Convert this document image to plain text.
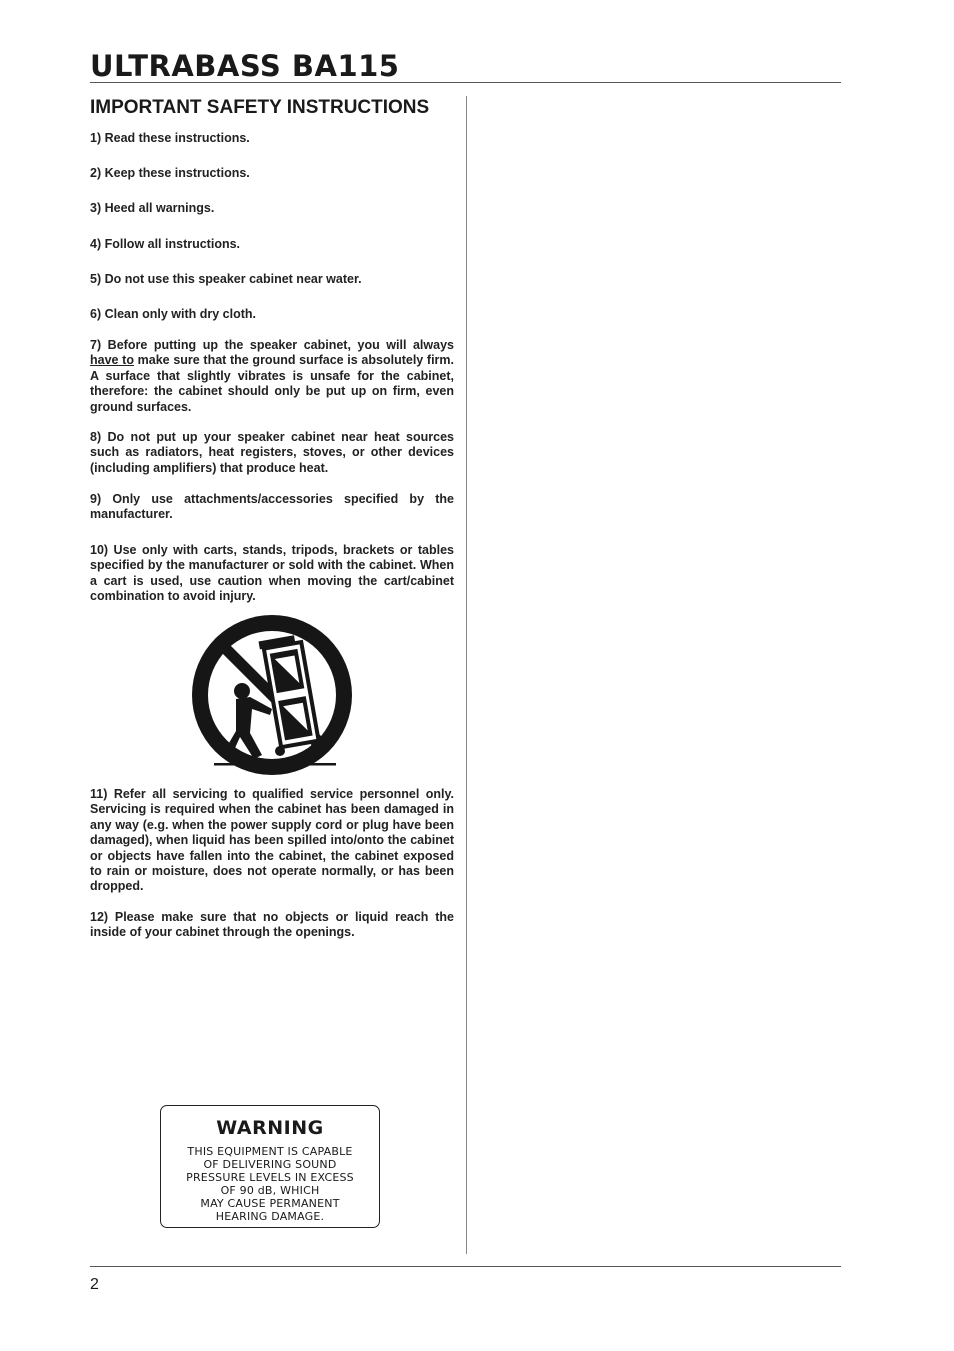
ULTRABASS BA115
IMPORTANT SAFETY INSTRUCTIONS

1) Read these instructions.

2) Keep these instructions.

3) Heed all warnings.

4) Follow all instructions.

5) Do not use this speaker cabinet near water.

6) Clean only with dry cloth.

7) Before putting up the speaker cabinet, you will always have to make sure that the ground surface is absolutely firm. A surface that slightly vibrates is unsafe for the cabinet, therefore: the cabinet should only be put up on firm, even ground surfaces.

8) Do not put up your speaker cabinet near heat sources such as radiators, heat registers, stoves, or other devices (including amplifiers) that produce heat.

9) Only use attachments/accessories specified by the manufacturer.

10) Use only with carts, stands, tripods, brackets or tables specified by the manufacturer or sold with the cabinet. When a cart is used, use caution when moving the cart/cabinet combination to avoid injury.

11) Refer all servicing to qualified service personnel only. Servicing is required when the cabinet has been damaged in any way (e.g. when the power supply cord or plug have been damaged), when liquid has been spilled into/onto the cabinet or objects have fallen into the cabinet, the cabinet exposed to rain or moisture, does not operate normally, or has been dropped.

12) Please make sure that no objects or liquid reach the inside of your cabinet through the openings.

WARNING
THIS EQUIPMENT IS CAPABLE
OF DELIVERING SOUND
PRESSURE LEVELS IN EXCESS
OF 90 dB, WHICH
MAY CAUSE PERMANENT
HEARING DAMAGE.
2
